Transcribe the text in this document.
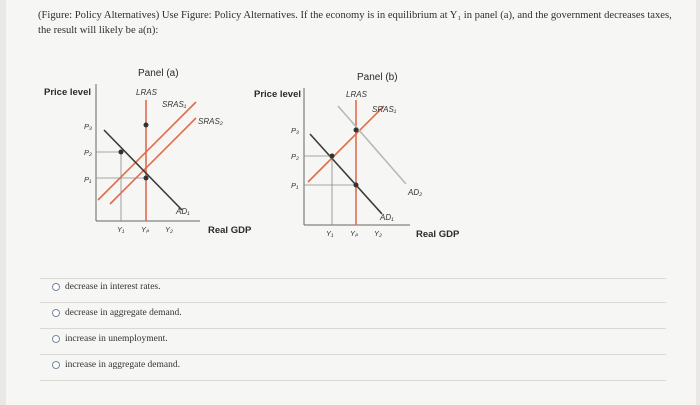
(Figure: Policy Alternatives) Use Figure: Policy Alternatives. If the economy is in equilibrium at Y₁ in panel (a), and the government decreases taxes, the result will likely be a(n):
Panel (a)
Price level
Real GDP
LRAS
SRAS₁
SRAS₂
AD₁
P₃
P₂
P₁
Y₁ Yₚ Y₂
Panel (b)
Price level
Real GDP
LRAS
SRAS₁
AD₁
AD₂
P₃
P₂
P₁
Y₁ Yₚ Y₂
decrease in interest rates.
decrease in aggregate demand.
increase in unemployment.
increase in aggregate demand.
